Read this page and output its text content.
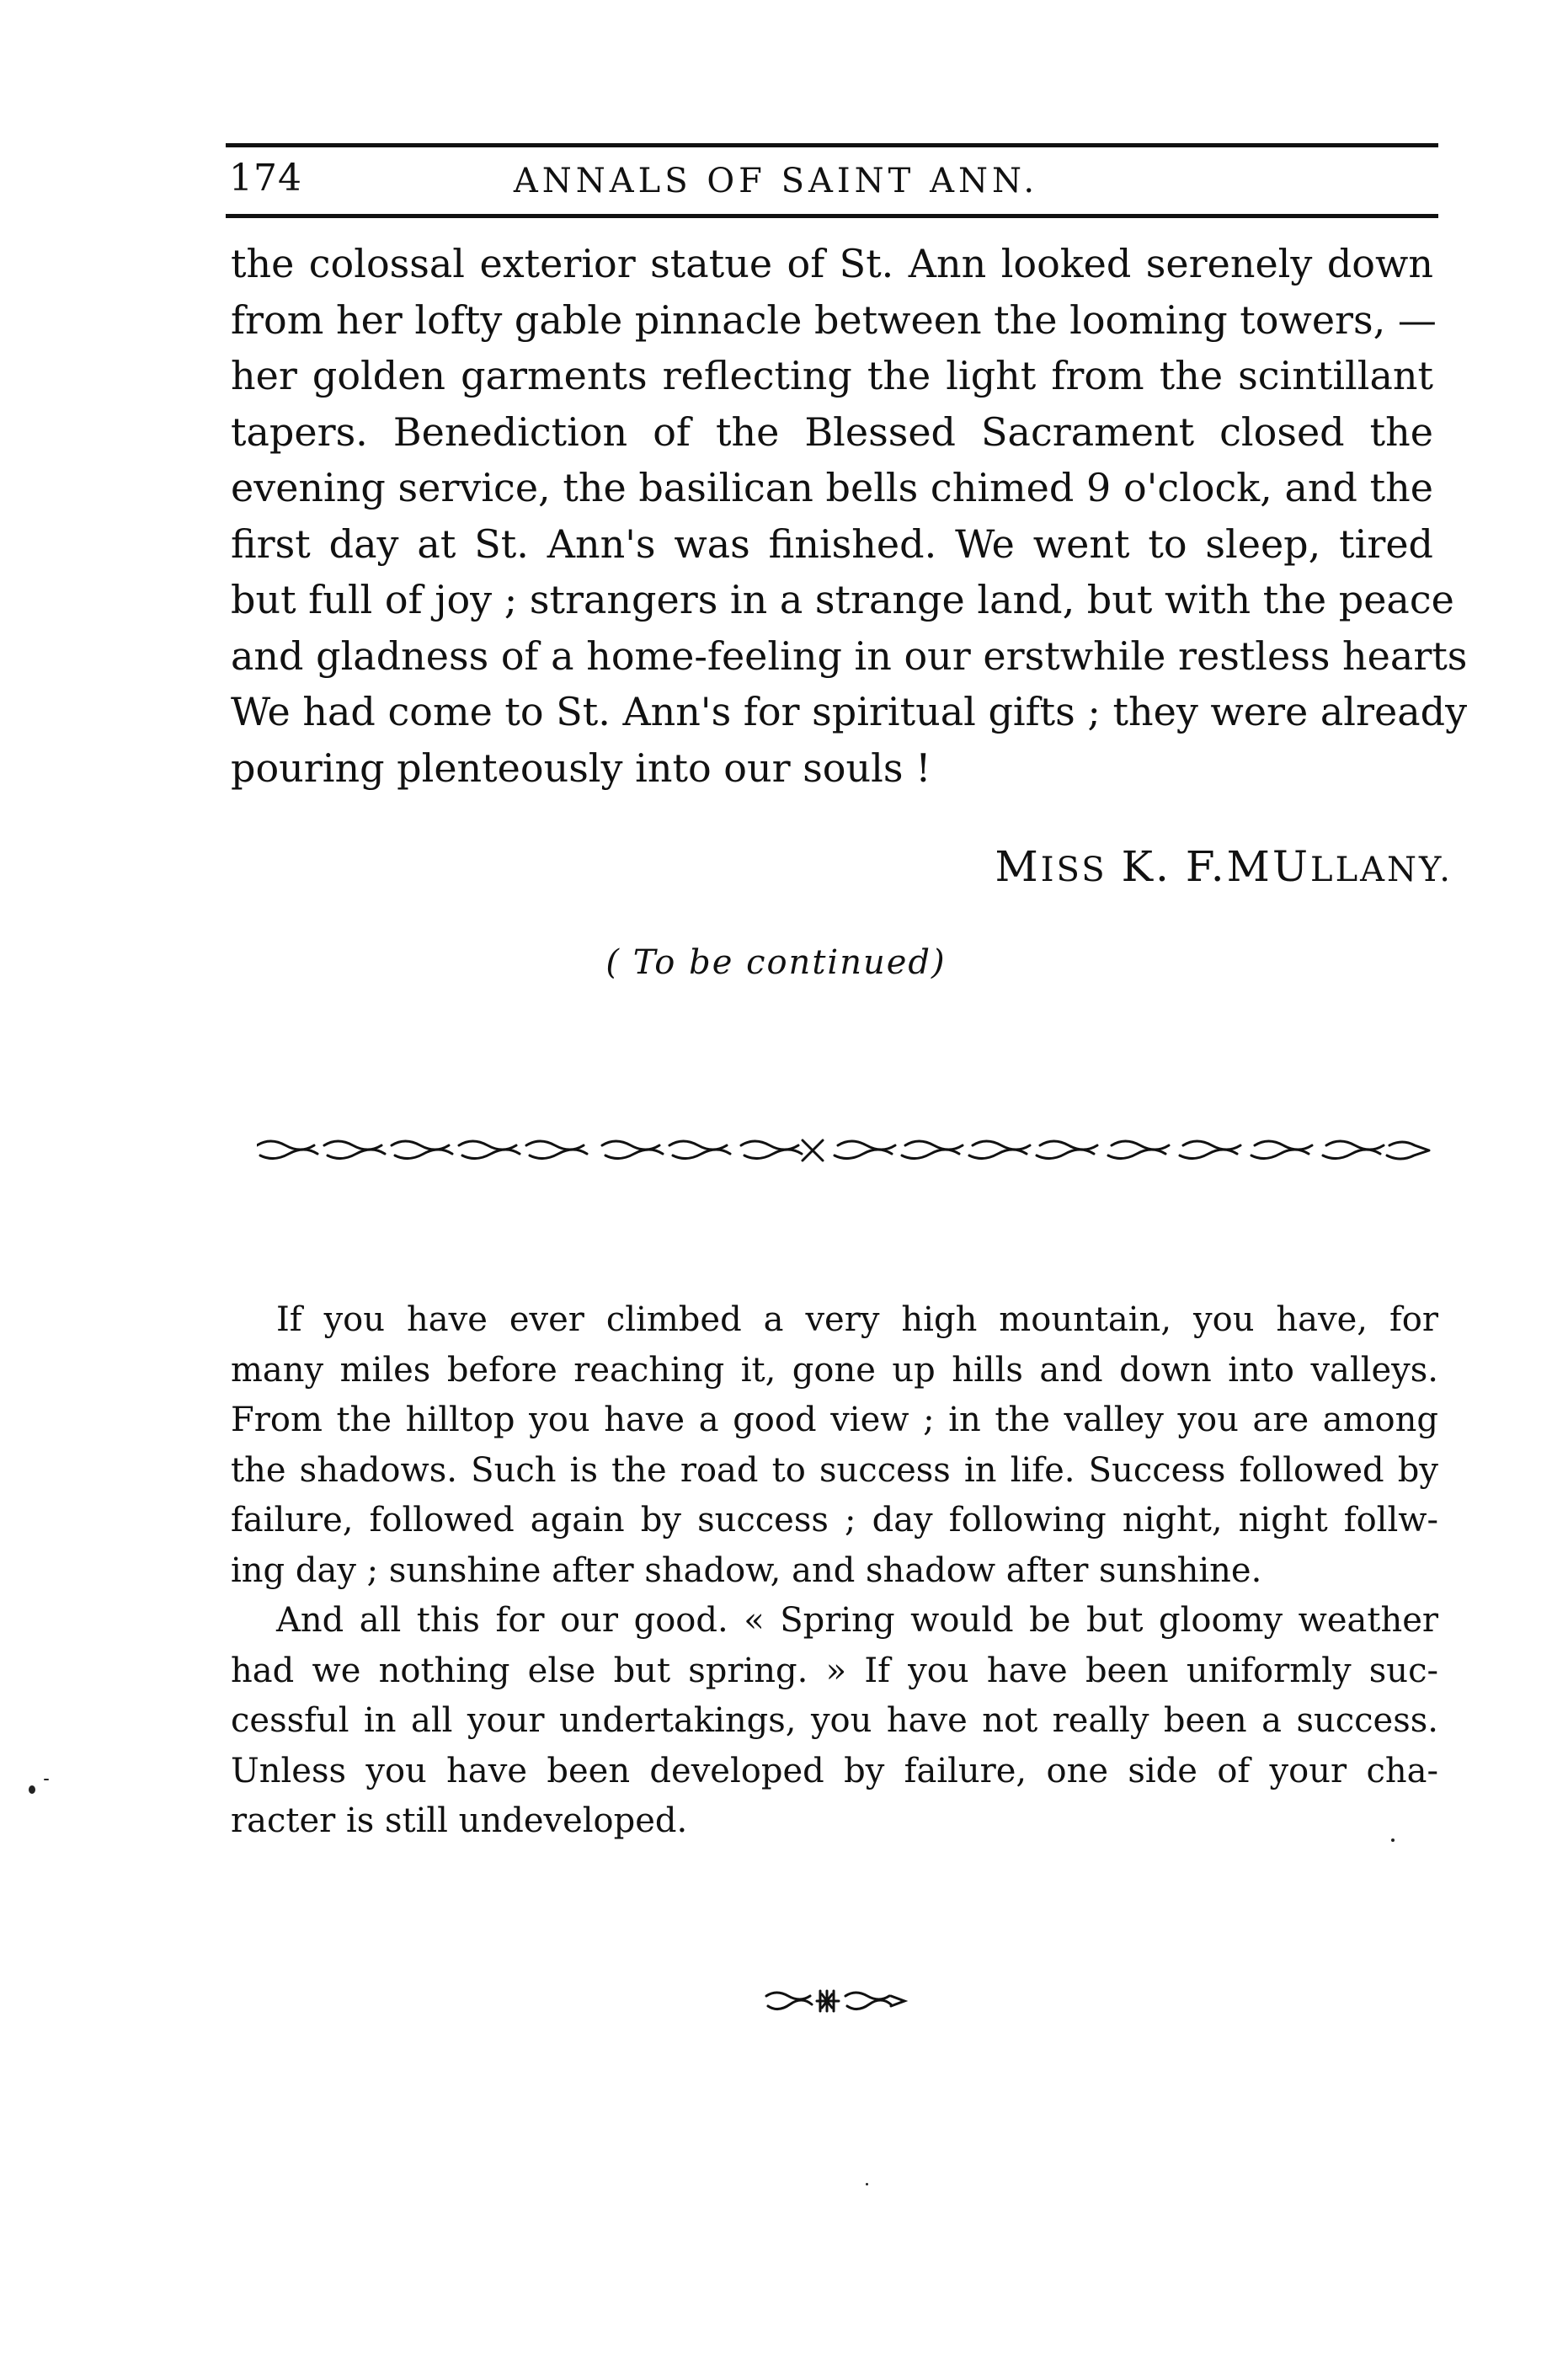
174	ANNALS OF SAINT ANN.
the colossal exterior statue of St. Ann looked serenely down
from her lofty gable pinnacle between the looming towers, —
her golden garments reflecting the light from the scintillant
tapers. Benediction of the Blessed Sacrament closed the
evening service, the basilican bells chimed 9 o'clock, and the
first day at St. Ann's was finished. We went to sleep, tired
but full of joy ; strangers in a strange land, but with the peace
and gladness of a home-feeling in our erstwhile restless hearts
We had come to St. Ann's for spiritual gifts ; they were already
pouring plenteously into our souls !
MISS K. F.MULLANY.
( To be continued)
If you have ever climbed a very high mountain, you have, for
many miles before reaching it, gone up hills and down into valleys.
From the hilltop you have a good view ; in the valley you are among
the shadows. Such is the road to success in life. Success followed by
failure, followed again by success ; day following night, night follw-
ing day ; sunshine after shadow, and shadow after sunshine.
And all this for our good. « Spring would be but gloomy weather
had we nothing else but spring. » If you have been uniformly suc-
cessful in all your undertakings, you have not really been a success.
Unless you have been developed by failure, one side of your cha-
racter is still undeveloped.
